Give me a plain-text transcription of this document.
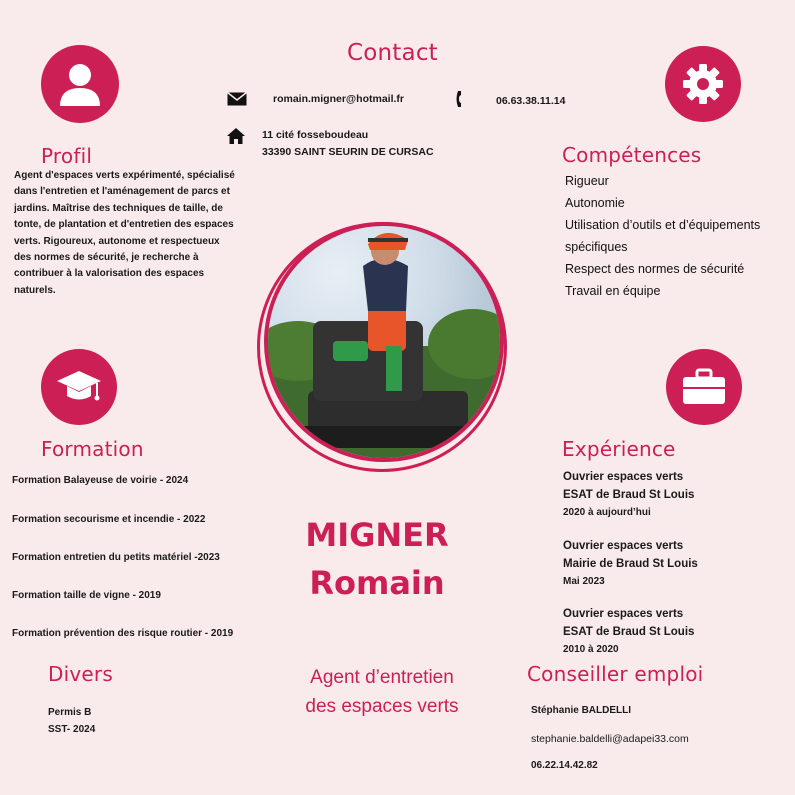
Contact
romain.migner@hotmail.fr	06.63.38.11.14
11 cité fosseboudeau
33390 SAINT SEURIN DE CURSAC
Profil
Agent d'espaces verts expérimenté, spécialisé dans l'entretien et l'aménagement de parcs et jardins. Maîtrise des techniques de taille, de tonte, de plantation et d'entretien des espaces verts. Rigoureux, autonome et respectueux des normes de sécurité, je recherche à contribuer à la valorisation des espaces naturels.
Compétences
Rigueur
Autonomie
Utilisation d’outils et d’équipements spécifiques
Respect des normes de sécurité
Travail en équipe
Formation
Formation Balayeuse de voirie - 2024
Formation secourisme et incendie - 2022
Formation entretien du petits matériel -2023
Formation taille de vigne - 2019
Formation prévention des risque routier - 2019
Expérience
Ouvrier espaces verts
ESAT de Braud St Louis
2020 à aujourd’hui
Ouvrier espaces verts
Mairie de Braud St Louis
Mai 2023
Ouvrier espaces verts
ESAT de Braud St Louis
2010 à 2020
MIGNER
Romain
Agent d’entretien
des espaces verts
Divers
Permis B
SST- 2024
Conseiller emploi
Stéphanie BALDELLI
stephanie.baldelli@adapei33.com
06.22.14.42.82
